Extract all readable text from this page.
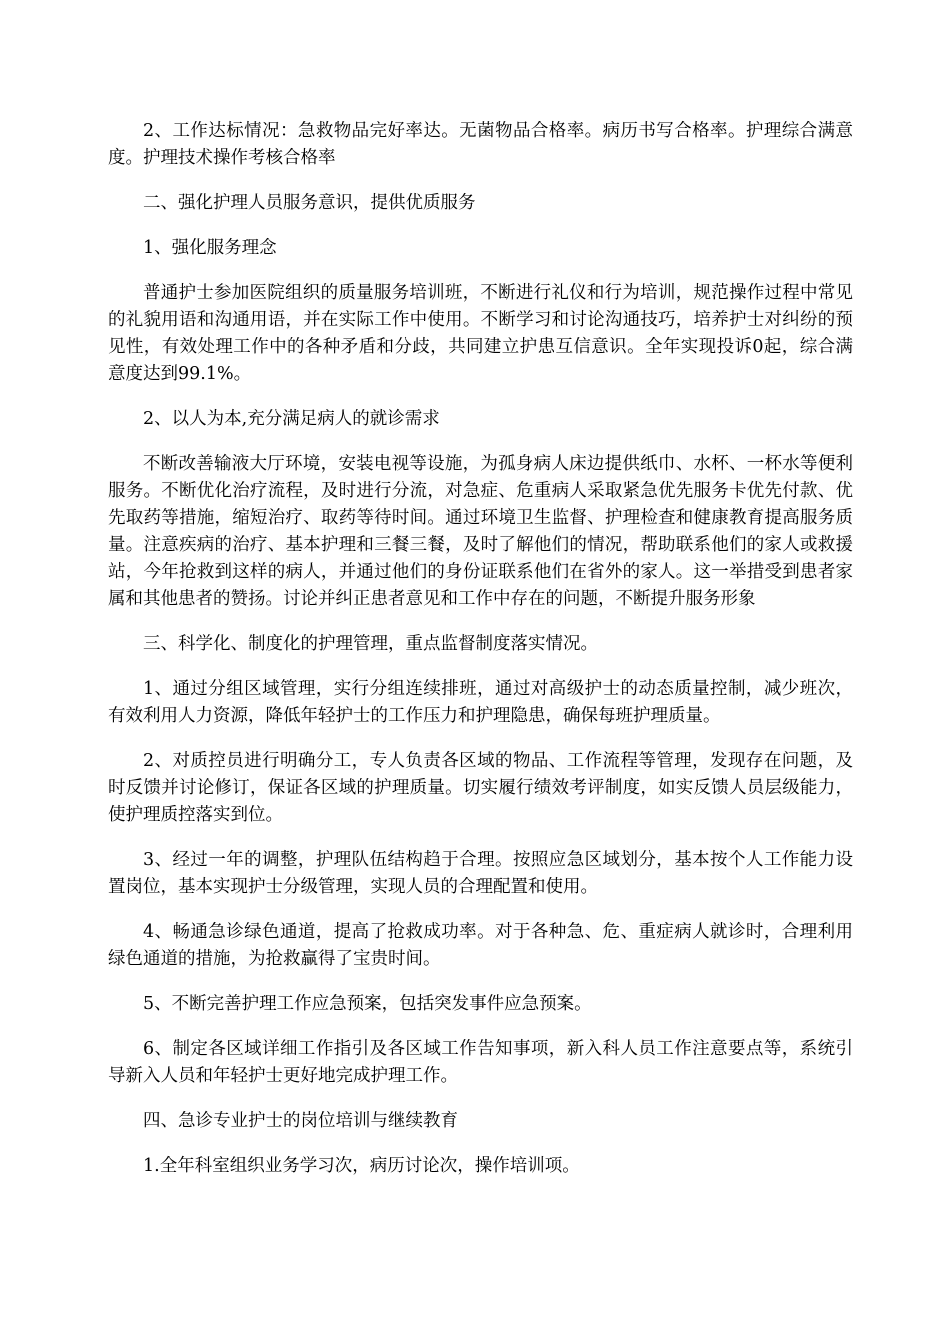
2、工作达标情况：急救物品完好率达。无菌物品合格率。病历书写合格率。护理综合满意度。护理技术操作考核合格率

二、强化护理人员服务意识，提供优质服务

1、强化服务理念

普通护士参加医院组织的质量服务培训班，不断进行礼仪和行为培训，规范操作过程中常见的礼貌用语和沟通用语，并在实际工作中使用。不断学习和讨论沟通技巧，培养护士对纠纷的预见性，有效处理工作中的各种矛盾和分歧，共同建立护患互信意识。全年实现投诉0起，综合满意度达到99.1%。

2、以人为本,充分满足病人的就诊需求

不断改善输液大厅环境，安装电视等设施，为孤身病人床边提供纸巾、水杯、一杯水等便利服务。不断优化治疗流程，及时进行分流，对急症、危重病人采取紧急优先服务卡优先付款、优先取药等措施，缩短治疗、取药等待时间。通过环境卫生监督、护理检查和健康教育提高服务质量。注意疾病的治疗、基本护理和三餐三餐，及时了解他们的情况，帮助联系他们的家人或救援站，今年抢救到这样的病人，并通过他们的身份证联系他们在省外的家人。这一举措受到患者家属和其他患者的赞扬。讨论并纠正患者意见和工作中存在的问题，不断提升服务形象

三、科学化、制度化的护理管理，重点监督制度落实情况。

1、通过分组区域管理，实行分组连续排班，通过对高级护士的动态质量控制，减少班次，有效利用人力资源，降低年轻护士的工作压力和护理隐患，确保每班护理质量。

2、对质控员进行明确分工，专人负责各区域的物品、工作流程等管理，发现存在问题，及时反馈并讨论修订，保证各区域的护理质量。切实履行绩效考评制度，如实反馈人员层级能力，使护理质控落实到位。

3、经过一年的调整，护理队伍结构趋于合理。按照应急区域划分，基本按个人工作能力设置岗位，基本实现护士分级管理，实现人员的合理配置和使用。

4、畅通急诊绿色通道，提高了抢救成功率。对于各种急、危、重症病人就诊时，合理利用绿色通道的措施，为抢救赢得了宝贵时间。

5、不断完善护理工作应急预案，包括突发事件应急预案。

6、制定各区域详细工作指引及各区域工作告知事项，新入科人员工作注意要点等，系统引导新入人员和年轻护士更好地完成护理工作。

四、急诊专业护士的岗位培训与继续教育

1.全年科室组织业务学习次，病历讨论次，操作培训项。
